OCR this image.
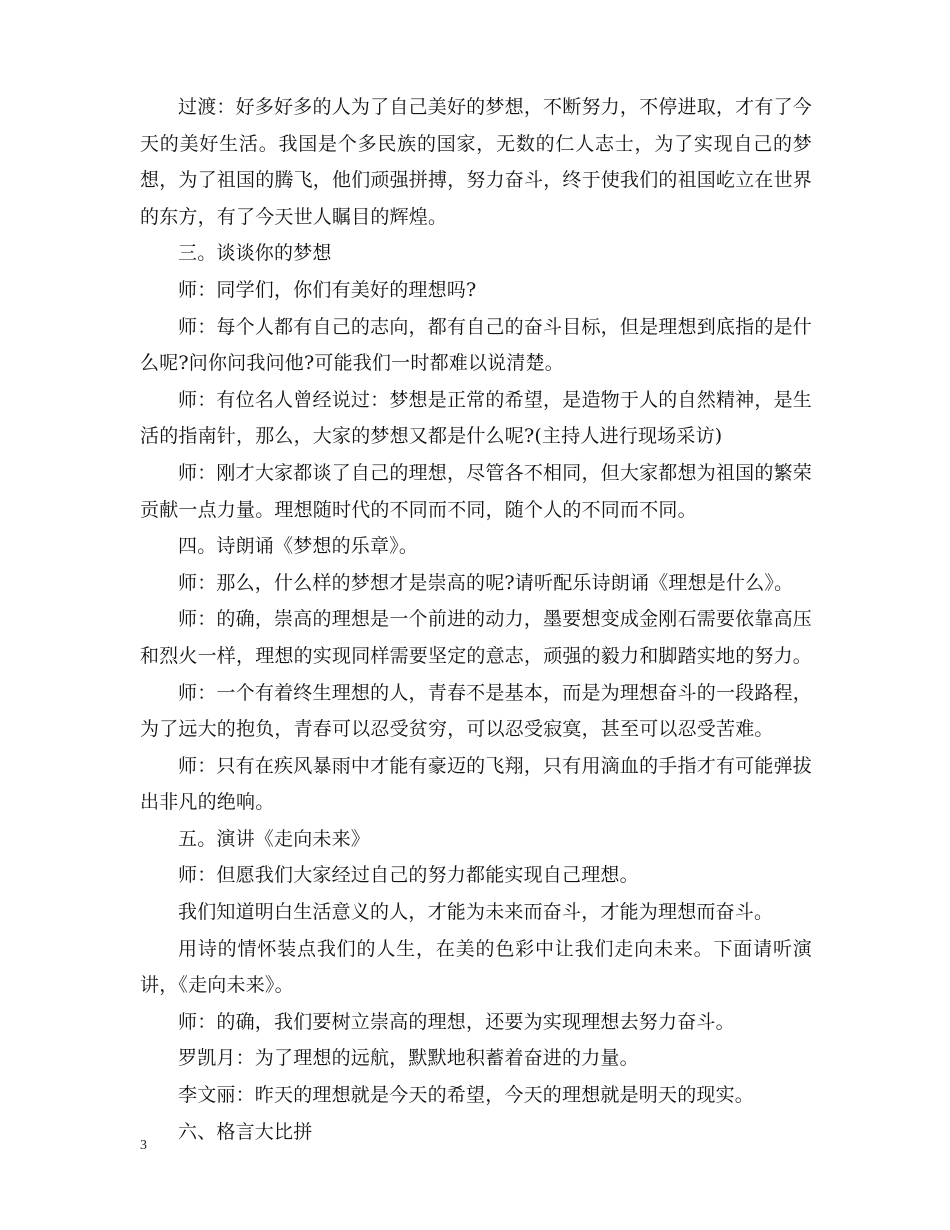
过渡：好多好多的人为了自己美好的梦想，不断努力，不停进取，才有了今天的美好生活。我国是个多民族的国家，无数的仁人志士，为了实现自己的梦想，为了祖国的腾飞，他们顽强拼搏，努力奋斗，终于使我们的祖国屹立在世界的东方，有了今天世人瞩目的辉煌。

三。谈谈你的梦想

师：同学们，你们有美好的理想吗?

师：每个人都有自己的志向，都有自己的奋斗目标，但是理想到底指的是什么呢?问你问我问他?可能我们一时都难以说清楚。

师：有位名人曾经说过：梦想是正常的希望，是造物于人的自然精神，是生活的指南针，那么，大家的梦想又都是什么呢?(主持人进行现场采访)

师：刚才大家都谈了自己的理想，尽管各不相同，但大家都想为祖国的繁荣贡献一点力量。理想随时代的不同而不同，随个人的不同而不同。

四。诗朗诵《梦想的乐章》。

师：那么，什么样的梦想才是崇高的呢?请听配乐诗朗诵《理想是什么》。

师：的确，崇高的理想是一个前进的动力，墨要想变成金刚石需要依靠高压和烈火一样，理想的实现同样需要坚定的意志，顽强的毅力和脚踏实地的努力。

师：一个有着终生理想的人，青春不是基本，而是为理想奋斗的一段路程，为了远大的抱负，青春可以忍受贫穷，可以忍受寂寞，甚至可以忍受苦难。

师：只有在疾风暴雨中才能有豪迈的飞翔，只有用滴血的手指才有可能弹拔出非凡的绝响。

五。演讲《走向未来》

师：但愿我们大家经过自己的努力都能实现自己理想。

我们知道明白生活意义的人，才能为未来而奋斗，才能为理想而奋斗。

用诗的情怀装点我们的人生，在美的色彩中让我们走向未来。下面请听演讲，《走向未来》。

师：的确，我们要树立崇高的理想，还要为实现理想去努力奋斗。

罗凯月：为了理想的远航，默默地积蓄着奋进的力量。

李文丽：昨天的理想就是今天的希望，今天的理想就是明天的现实。

六、格言大比拼

3
